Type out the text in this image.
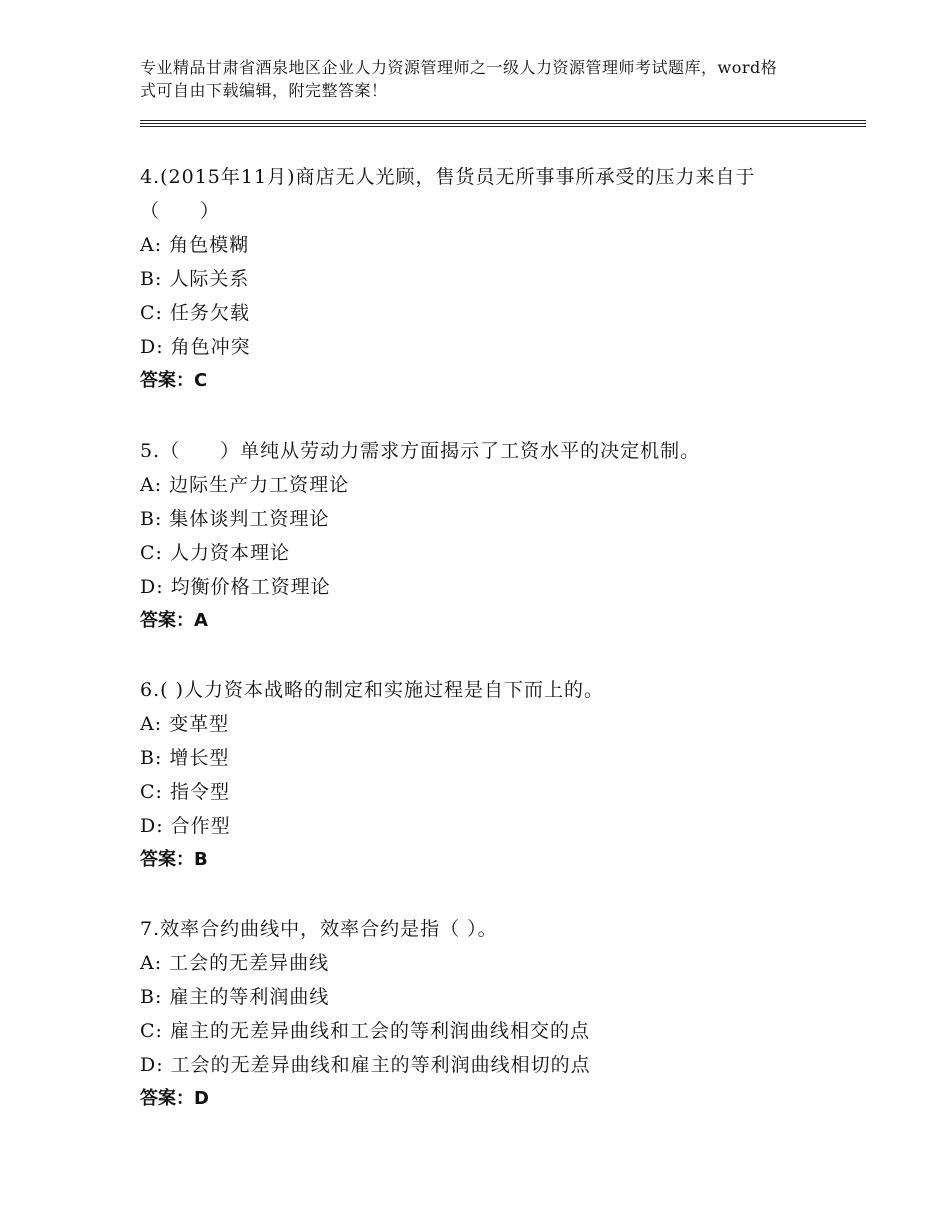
专业精品甘肃省酒泉地区企业人力资源管理师之一级人力资源管理师考试题库，word格式可自由下载编辑，附完整答案！

4.(2015年11月)商店无人光顾，售货员无所事事所承受的压力来自于
（　　）

A: 角色模糊

B: 人际关系

C: 任务欠载

D: 角色冲突

答案：C

5.（　　）单纯从劳动力需求方面揭示了工资水平的决定机制。

A: 边际生产力工资理论

B: 集体谈判工资理论

C: 人力资本理论

D: 均衡价格工资理论

答案：A

6.( )人力资本战略的制定和实施过程是自下而上的。

A: 变革型

B: 增长型

C: 指令型

D: 合作型

答案：B

7.效率合约曲线中，效率合约是指（ ）。

A: 工会的无差异曲线

B: 雇主的等利润曲线

C: 雇主的无差异曲线和工会的等利润曲线相交的点

D: 工会的无差异曲线和雇主的等利润曲线相切的点

答案：D
